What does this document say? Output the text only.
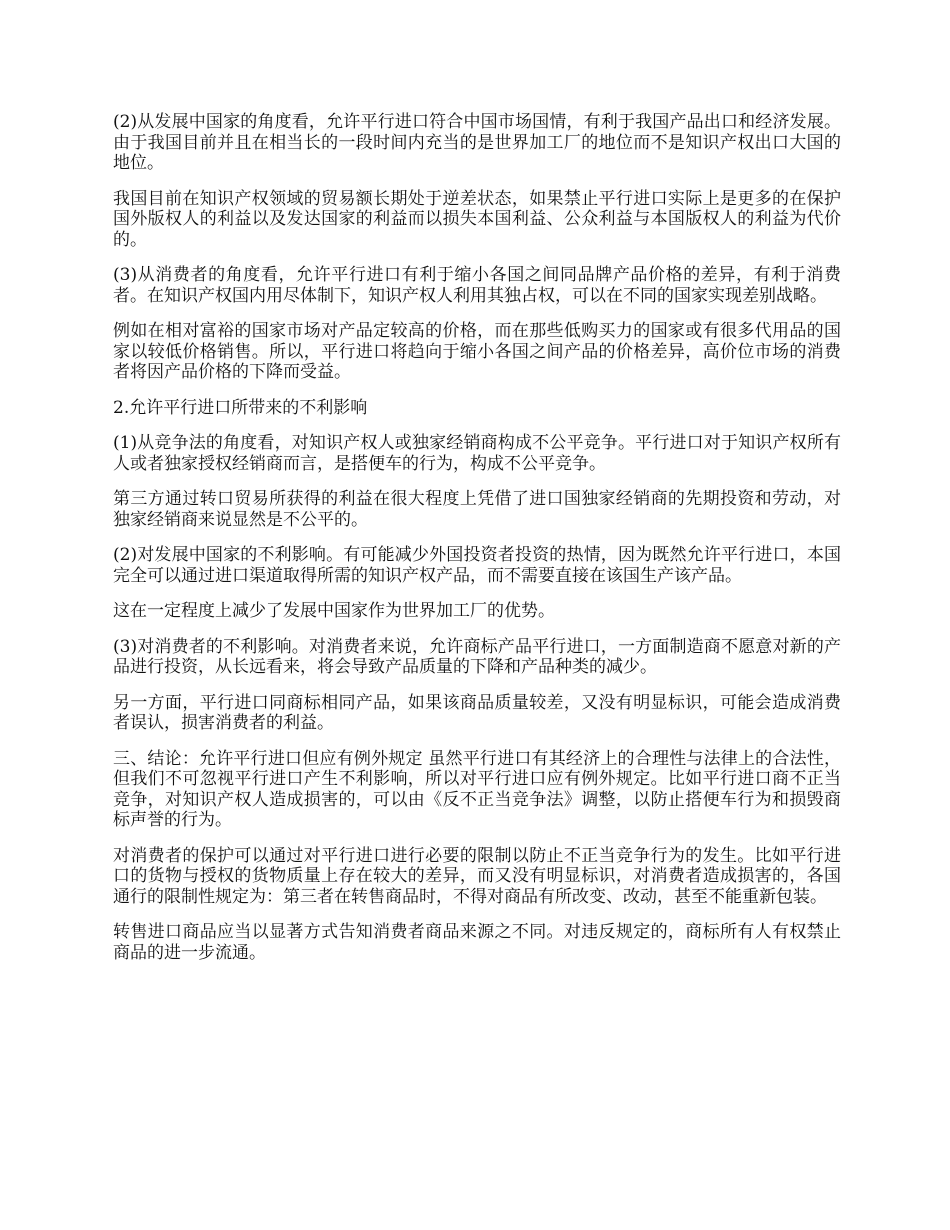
(2)从发展中国家的角度看，允许平行进口符合中国市场国情，有利于我国产品出口和经济发展。由于我国目前并且在相当长的一段时间内充当的是世界加工厂的地位而不是知识产权出口大国的地位。

我国目前在知识产权领域的贸易额长期处于逆差状态，如果禁止平行进口实际上是更多的在保护国外版权人的利益以及发达国家的利益而以损失本国利益、公众利益与本国版权人的利益为代价的。

(3)从消费者的角度看，允许平行进口有利于缩小各国之间同品牌产品价格的差异，有利于消费者。在知识产权国内用尽体制下，知识产权人利用其独占权，可以在不同的国家实现差别战略。

例如在相对富裕的国家市场对产品定较高的价格，而在那些低购买力的国家或有很多代用品的国家以较低价格销售。所以，平行进口将趋向于缩小各国之间产品的价格差异，高价位市场的消费者将因产品价格的下降而受益。

2.允许平行进口所带来的不利影响

(1)从竞争法的角度看，对知识产权人或独家经销商构成不公平竞争。平行进口对于知识产权所有人或者独家授权经销商而言，是搭便车的行为，构成不公平竞争。

第三方通过转口贸易所获得的利益在很大程度上凭借了进口国独家经销商的先期投资和劳动，对独家经销商来说显然是不公平的。

(2)对发展中国家的不利影响。有可能减少外国投资者投资的热情，因为既然允许平行进口，本国完全可以通过进口渠道取得所需的知识产权产品，而不需要直接在该国生产该产品。

这在一定程度上减少了发展中国家作为世界加工厂的优势。

(3)对消费者的不利影响。对消费者来说，允许商标产品平行进口，一方面制造商不愿意对新的产品进行投资，从长远看来，将会导致产品质量的下降和产品种类的减少。

另一方面，平行进口同商标相同产品，如果该商品质量较差，又没有明显标识，可能会造成消费者误认，损害消费者的利益。

三、结论：允许平行进口但应有例外规定 虽然平行进口有其经济上的合理性与法律上的合法性，但我们不可忽视平行进口产生不利影响，所以对平行进口应有例外规定。比如平行进口商不正当竞争，对知识产权人造成损害的，可以由《反不正当竞争法》调整，以防止搭便车行为和损毁商标声誉的行为。

对消费者的保护可以通过对平行进口进行必要的限制以防止不正当竞争行为的发生。比如平行进口的货物与授权的货物质量上存在较大的差异，而又没有明显标识，对消费者造成损害的，各国通行的限制性规定为：第三者在转售商品时，不得对商品有所改变、改动，甚至不能重新包装。

转售进口商品应当以显著方式告知消费者商品来源之不同。对违反规定的，商标所有人有权禁止商品的进一步流通。
